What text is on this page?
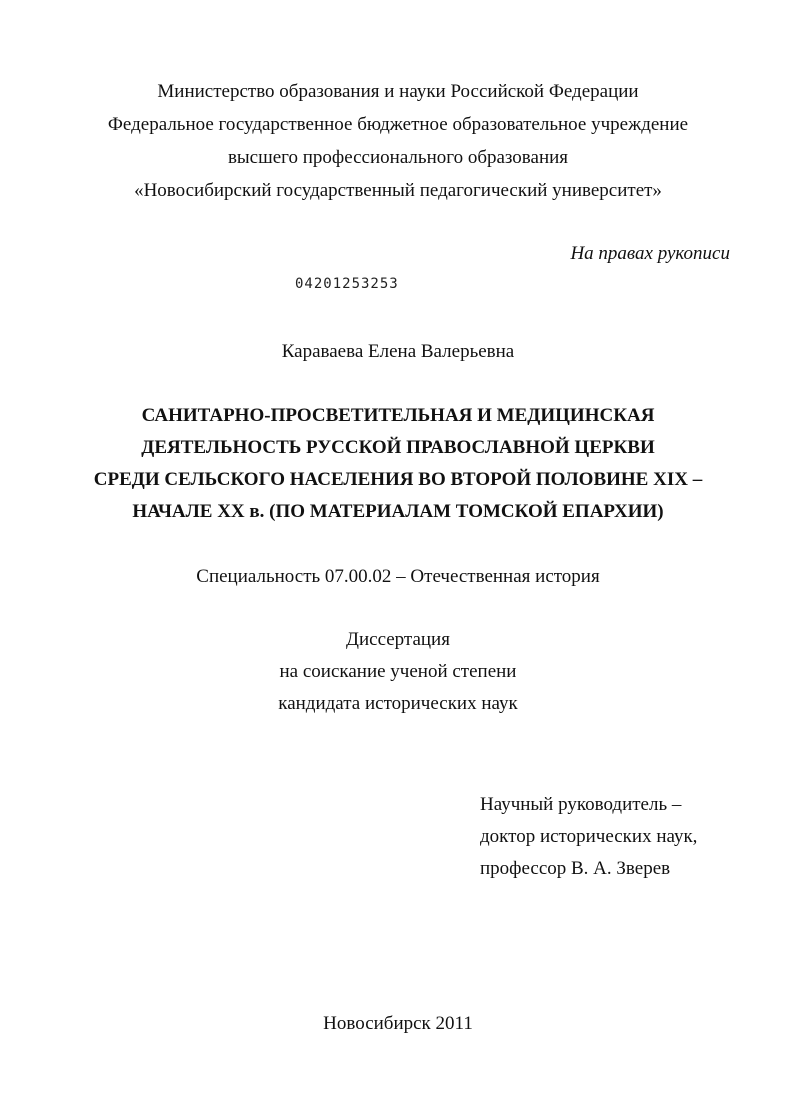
Министерство образования и науки Российской Федерации
Федеральное государственное бюджетное образовательное учреждение
высшего профессионального образования
«Новосибирский государственный педагогический университет»
На правах рукописи
04201253253
Караваева Елена Валерьевна
САНИТАРНО-ПРОСВЕТИТЕЛЬНАЯ И МЕДИЦИНСКАЯ
ДЕЯТЕЛЬНОСТЬ РУССКОЙ ПРАВОСЛАВНОЙ ЦЕРКВИ
СРЕДИ СЕЛЬСКОГО НАСЕЛЕНИЯ ВО ВТОРОЙ ПОЛОВИНЕ XIX –
НАЧАЛЕ XX в. (ПО МАТЕРИАЛАМ ТОМСКОЙ ЕПАРХИИ)
Специальность 07.00.02 – Отечественная история
Диссертация
на соискание ученой степени
кандидата исторических наук
Научный руководитель –
доктор исторических наук,
профессор В. А. Зверев
Новосибирск 2011
